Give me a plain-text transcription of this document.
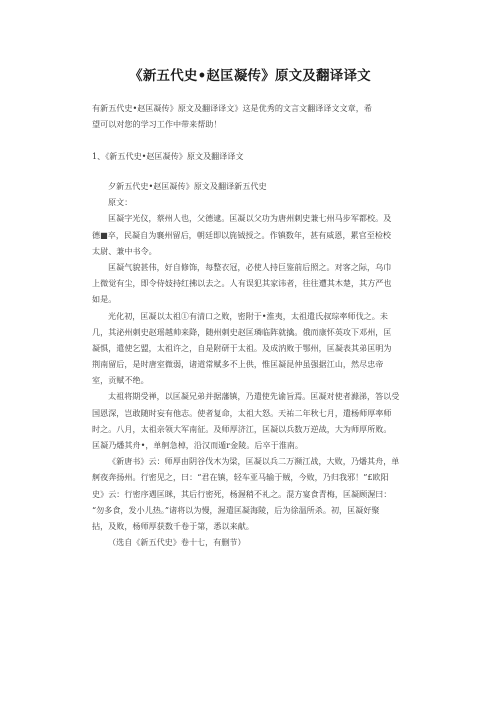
《新五代史•赵匡凝传》原文及翻译译文
有新五代史•赵匡凝传》原文及翻译译文》这是优秀的文言文翻译译文文章，希
望可以对您的学习工作中带来帮助！
1、《新五代史•赵匡凝传》原文及翻译译文
夕新五代史•赵匡凝传》原文及翻译新五代史
原文：
匡凝字光仪，蔡州人也，父德逮。匡凝以父功为唐州刺史兼七州马步军都校。及
德■卒，民凝自为襄州留后，朝廷即以旄钺授之。作镇数年，甚有威恩，累官至检校
太尉、兼中书令。
匡凝气貌甚伟，好自修饰，每整衣冠，必使人持巨鉴前后照之。对客之际，乌巾
上微觉有尘，即令侍妓持红拂以去之。人有误犯其家讳者，往往遭其木楚，其方严也
如是。
光化初，匡凝以太祖①有清口之败，密附于•淮夷，太祖遣氏叔琮率师伐之。未
几，其泌州刺史赵瑶越帅来降，随州刺史赵匡璘临阵就擒。俄而康怀英攻下邓州，匡
凝惧，遣使乞盟，太祖许之，自是附研于太祖。及成汭败于鄂州，匡凝表其弟匡明为
荆南留后，是时唐室微弱，诸道常赋多不上供，惟匡凝昆仲虽强据江山，然尽忠帝
室，贡赋不绝。
太祖将期受禅，以匡凝兄弟并据藩镇，乃遣使先谕旨焉。匡凝对使者滌涕，答以受
国恩深，岂敢随时妄有他志。使者复命，太祖大怒。天祐二年秋七月，遣杨师厚率师
时之。八月，太祖亲领大军南征。及师厚济江，匡凝以兵数万逆战，大为师厚所败。
匡凝乃燔其舟•，单舸急棹，沿汉而遁r金陵。后卒于淮南。
《新唐书》云：师厚由阴谷伐木为梁，匡凝以兵二万濒江战，大败，乃燔其舟，单
舸夜奔扬州。行密见之，曰：“君在镇，轻车亚马输于贼，今败，乃归我邪！”£欧阳
史》云：行密序遇匡眯，其后行密死，杨渥稍不礼之。混方宴食青梅，匡凝顾渥曰：
“勿多食，发小儿热。”诸将以为慢，渥遣匡凝海陵，后为徐温所杀。初，匡凝好聚
拈，及败，杨师厚获数千卷于第，悉以来献。
（选自《新五代史》卷十七，有删节）
